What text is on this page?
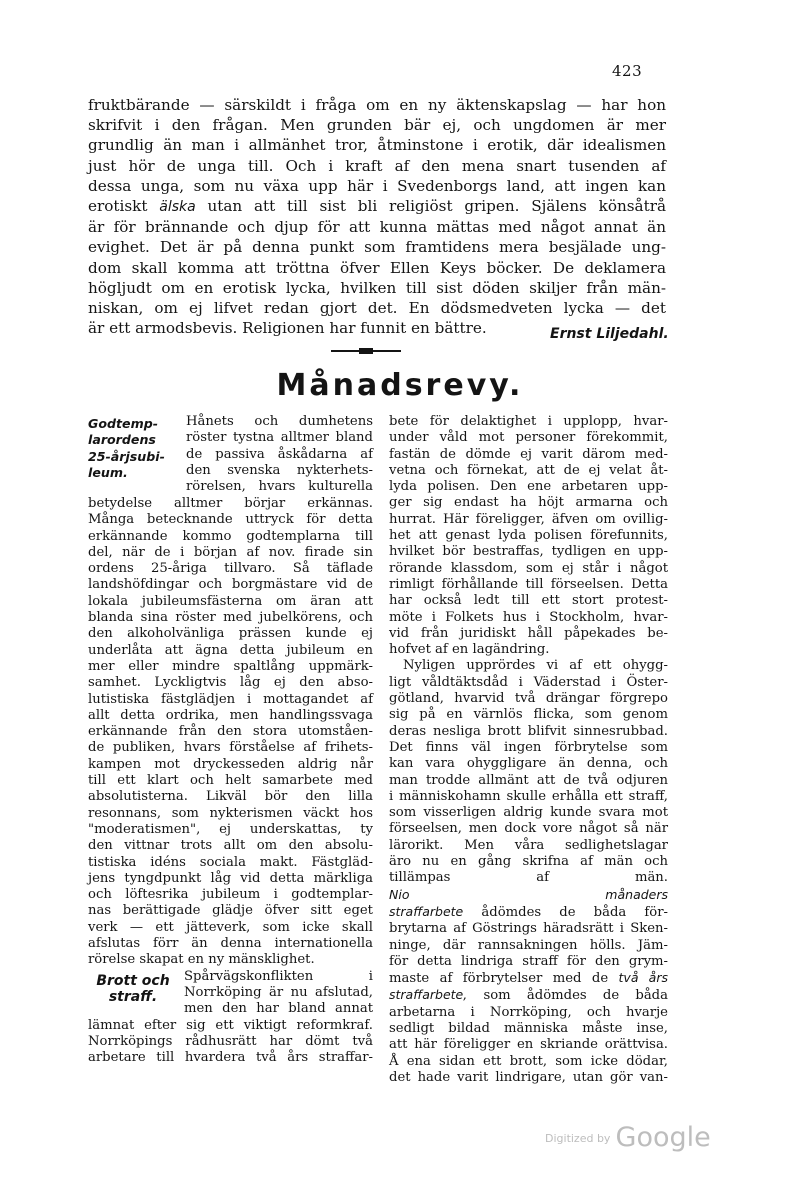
423
fruktbärande — särskildt i fråga om en ny äktenskapslag — har hon
skrifvit i den frågan. Men grunden bär ej, och ungdomen är mer
grundlig än man i allmänhet tror, åtminstone i erotik, där idealismen
just hör de unga till. Och i kraft af den mena snart tusenden af
dessa unga, som nu växa upp här i Svedenborgs land, att ingen kan
erotiskt älska utan att till sist bli religiöst gripen. Själens könsåtrå
är för brännande och djup för att kunna mättas med något annat än
evighet. Det är på denna punkt som framtidens mera besjälade ung-
dom skall komma att tröttna öfver Ellen Keys böcker. De deklamera
högljudt om en erotisk lycka, hvilken till sist döden skiljer från män-
niskan, om ej lifvet redan gjort det. En dödsmedveten lycka — det
är ett armodsbevis. Religionen har funnit en bättre.	Ernst Liljedahl.
Månadsrevy.
Godtemp-
larordens
25-årjsubi-
leum.
Hånets och dumhetens
röster tystna alltmer bland
de passiva åskådarna af
den svenska nykterhets-
rörelsen, hvars kulturella
betydelse alltmer börjar erkännas.
Många betecknande uttryck för detta
erkännande kommo godtemplarna till
del, när de i början af nov. firade sin
ordens 25-åriga tillvaro. Så täflade
landshöfdingar och borgmästare vid de
lokala jubileumsfästerna om äran att
blanda sina röster med jubelkörens, och
den alkoholvänliga prässen kunde ej
underlåta att ägna detta jubileum en
mer eller mindre spaltlång uppmärk-
samhet. Lyckligtvis låg ej den abso-
lutistiska fästglädjen i mottagandet af
allt detta ordrika, men handlingssvaga
erkännande från den stora utomståen-
de publiken, hvars förståelse af frihets-
kampen mot dryckesseden aldrig når
till ett klart och helt samarbete med
absolutisterna. Likväl bör den lilla
resonnans, som nykterismen väckt hos
"moderatismen", ej underskattas, ty
den vittnar trots allt om den absolu-
tistiska idéns sociala makt. Fästgläd-
jens tyngdpunkt låg vid detta märkliga
och löftesrika jubileum i godtemplar-
nas berättigade glädje öfver sitt eget
verk — ett jätteverk, som icke skall
afslutas förr än denna internationella
rörelse skapat en ny mänsklighet.
Brott och
straff.
Spårvägskonflikten i
Norrköping är nu afslutad,
men den har bland annat
lämnat efter sig ett viktigt reformkraf.
Norrköpings rådhusrätt har dömt två
arbetare till hvardera två års straffar-
bete för delaktighet i upplopp, hvar-
under våld mot personer förekommit,
fastän de dömde ej varit därom med-
vetna och förnekat, att de ej velat åt-
lyda polisen. Den ene arbetaren upp-
ger sig endast ha höjt armarna och
hurrat. Här föreligger, äfven om ovillig-
het att genast lyda polisen förefunnits,
hvilket bör bestraffas, tydligen en upp-
rörande klassdom, som ej står i något
rimligt förhållande till förseelsen. Detta
har också ledt till ett stort protest-
möte i Folkets hus i Stockholm, hvar-
vid från juridiskt håll påpekades be-
hofvet af en lagändring.
Nyligen upprördes vi af ett ohygg-
ligt våldtäktsdåd i Väderstad i Öster-
götland, hvarvid två drängar förgrepo
sig på en värnlös flicka, som genom
deras nesliga brott blifvit sinnesrubbad.
Det finns väl ingen förbrytelse som
kan vara ohyggligare än denna, och
man trodde allmänt att de två odjuren
i människohamn skulle erhålla ett straff,
som visserligen aldrig kunde svara mot
förseelsen, men dock vore något så när
lärorikt. Men våra sedlighetslagar
äro nu en gång skrifna af män och
tillämpas af män.
Nio månaders
straffarbete ådömdes de båda för-
brytarna af Göstrings häradsrätt i Sken-
ninge, där rannsakningen hölls. Jäm-
för detta lindriga straff för den grym-
maste af förbrytelser med de två års
straffarbete, som ådömdes de båda
arbetarna i Norrköping, och hvarje
sedligt bildad människa måste inse,
att här föreligger en skriande orättvisa.
Å ena sidan ett brott, som icke dödar,
det hade varit lindrigare, utan gör van-
$^{Digitized by}$ Google
